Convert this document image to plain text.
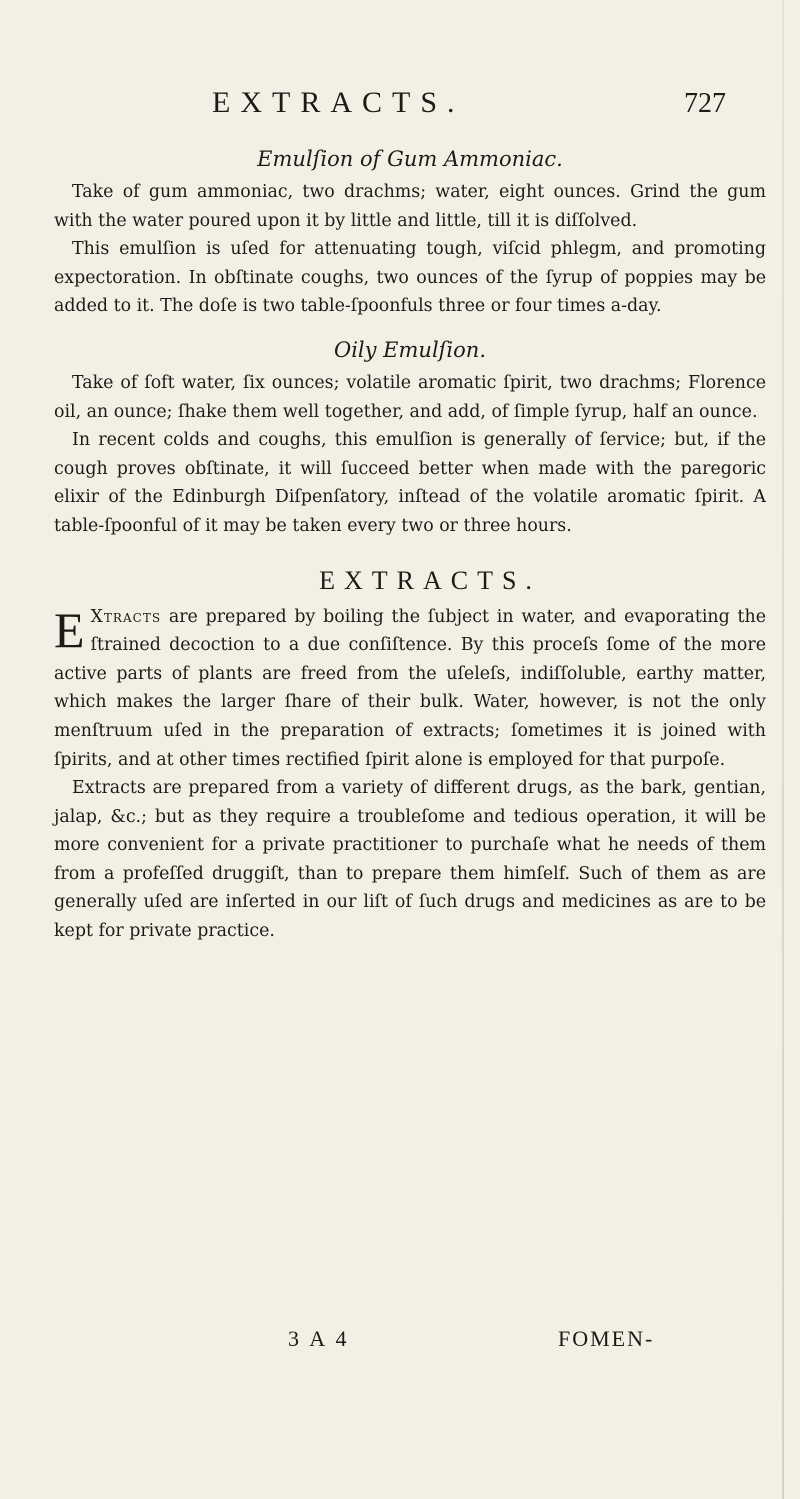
EXTRACTS.	727
Emulſion of Gum Ammoniac.

Take of gum ammoniac, two drachms; water, eight ounces. Grind the gum with the water poured upon it by little and little, till it is diſſolved.

This emulſion is uſed for attenuating tough, viſcid phlegm, and promoting expectoration. In obſtinate coughs, two ounces of the ſyrup of poppies may be added to it. The doſe is two table-ſpoonfuls three or four times a-day.

Oily Emulſion.

Take of ſoft water, ſix ounces; volatile aromatic ſpirit, two drachms; Florence oil, an ounce; ſhake them well together, and add, of ſimple ſyrup, half an ounce.

In recent colds and coughs, this emulſion is generally of ſervice; but, if the cough proves obſtinate, it will ſucceed better when made with the paregoric elixir of the Edinburgh Diſpenſatory, inſtead of the volatile aromatic ſpirit. A table-ſpoonful of it may be taken every two or three hours.

EXTRACTS.

E Xtracts are prepared by boiling the ſubject in water, and evaporating the ſtrained decoction to a due conſiſtence. By this proceſs ſome of the more active parts of plants are freed from the uſeleſs, indiſſoluble, earthy matter, which makes the larger ſhare of their bulk. Water, however, is not the only menſtruum uſed in the preparation of extracts; ſometimes it is joined with ſpirits, and at other times rectified ſpirit alone is employed for that purpoſe.

Extracts are prepared from a variety of different drugs, as the bark, gentian, jalap, &c.; but as they require a troubleſome and tedious operation, it will be more convenient for a private practitioner to purchaſe what he needs of them from a profeſſed druggiſt, than to prepare them himſelf. Such of them as are generally uſed are inſerted in our liſt of ſuch drugs and medicines as are to be kept for private practice.

3 A 4	FOMEN-
